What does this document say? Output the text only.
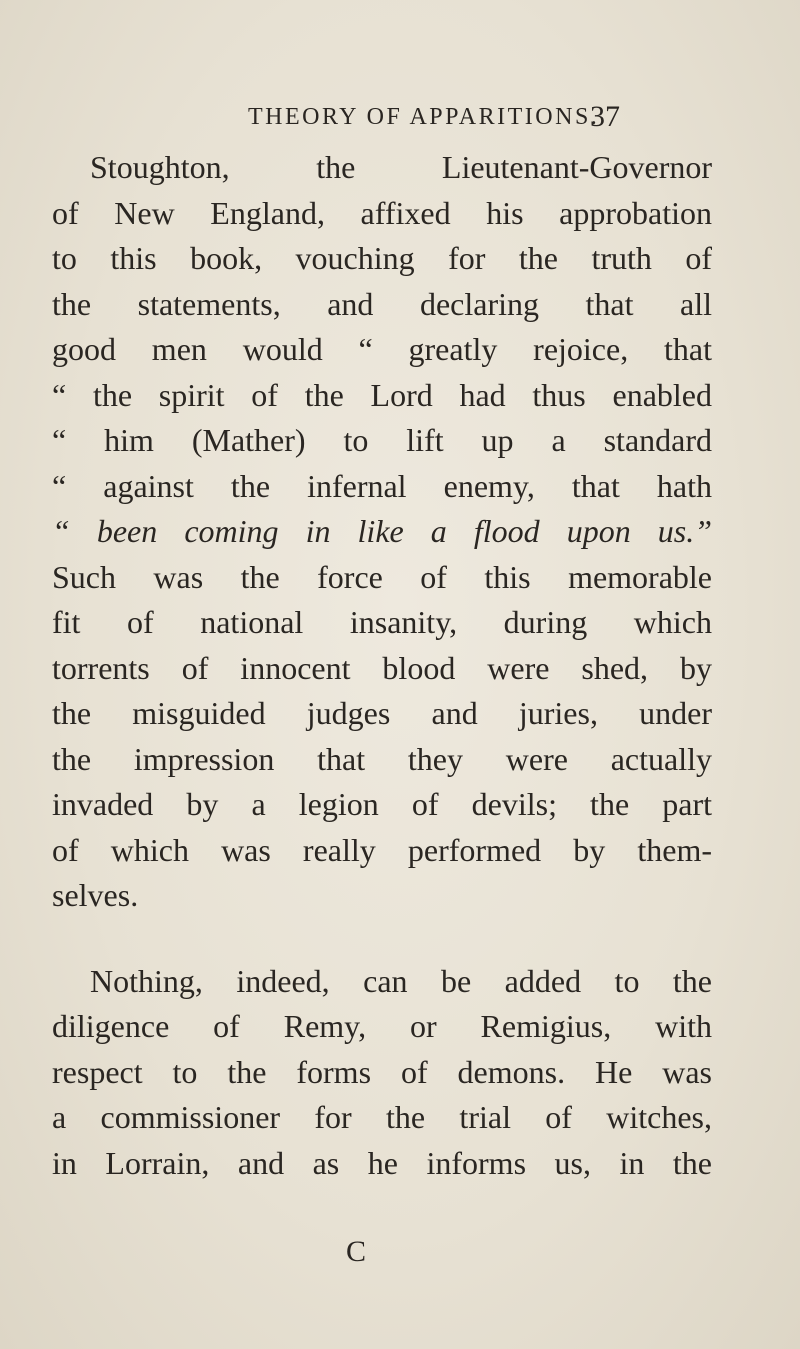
THEORY OF APPARITIONS.
37
Stoughton, the Lieutenant-Governor
of New England, affixed his approbation
to this book, vouching for the truth of
the statements, and declaring that all
good men would “ greatly rejoice, that
“ the spirit of the Lord had thus enabled
“ him (Mather) to lift up a standard
“ against the infernal enemy, that hath
“ been coming in like a flood upon us.”
Such was the force of this memorable
fit of national insanity, during which
torrents of innocent blood were shed, by
the misguided judges and juries, under
the impression that they were actually
invaded by a legion of devils; the part
of which was really performed by them-
selves.
Nothing, indeed, can be added to the
diligence of Remy, or Remigius, with
respect to the forms of demons. He was
a commissioner for the trial of witches,
in Lorrain, and as he informs us, in the
C
